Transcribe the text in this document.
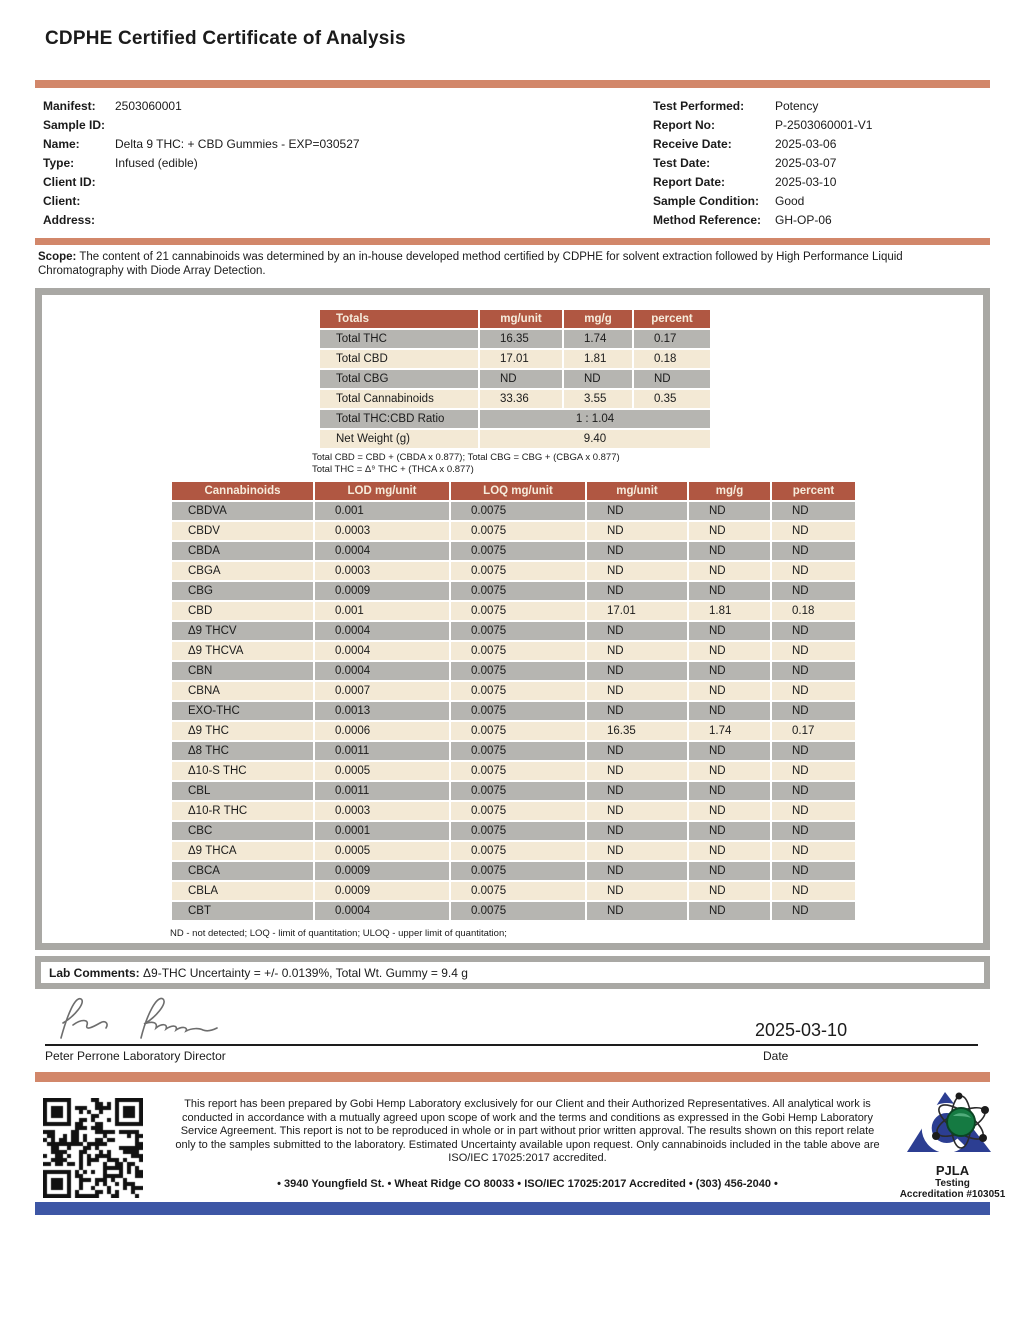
CDPHE Certified Certificate of Analysis
Manifest:	2503060001
Sample ID:
Name:	Delta 9 THC: + CBD Gummies - EXP=030527
Type:	Infused (edible)
Client ID:
Client:
Address:
Test Performed:	Potency
Report No:	P-2503060001-V1
Receive Date:	2025-03-06
Test Date:	2025-03-07
Report Date:	2025-03-10
Sample Condition:	Good
Method Reference:	GH-OP-06
Scope: The content of 21 cannabinoids was determined by an in-house developed method certified by CDPHE for solvent extraction followed by High Performance Liquid Chromatography with Diode Array Detection.
Totals	mg/unit	mg/g	percent
Total THC	16.35	1.74	0.17
Total CBD	17.01	1.81	0.18
Total CBG	ND	ND	ND
Total Cannabinoids	33.36	3.55	0.35
Total THC:CBD Ratio	1 : 1.04		
Net Weight (g)	9.40		
Total CBD = CBD + (CBDA x 0.877); Total CBG = CBG + (CBGA x 0.877)
Total THC = Δ⁹ THC + (THCA x 0.877)
Cannabinoids	LOD mg/unit	LOQ mg/unit	mg/unit	mg/g	percent
CBDVA	0.001	0.0075	ND	ND	ND
CBDV	0.0003	0.0075	ND	ND	ND
CBDA	0.0004	0.0075	ND	ND	ND
CBGA	0.0003	0.0075	ND	ND	ND
CBG	0.0009	0.0075	ND	ND	ND
CBD	0.001	0.0075	17.01	1.81	0.18
Δ9 THCV	0.0004	0.0075	ND	ND	ND
Δ9 THCVA	0.0004	0.0075	ND	ND	ND
CBN	0.0004	0.0075	ND	ND	ND
CBNA	0.0007	0.0075	ND	ND	ND
EXO-THC	0.0013	0.0075	ND	ND	ND
Δ9 THC	0.0006	0.0075	16.35	1.74	0.17
Δ8 THC	0.0011	0.0075	ND	ND	ND
Δ10-S THC	0.0005	0.0075	ND	ND	ND
CBL	0.0011	0.0075	ND	ND	ND
Δ10-R THC	0.0003	0.0075	ND	ND	ND
CBC	0.0001	0.0075	ND	ND	ND
Δ9 THCA	0.0005	0.0075	ND	ND	ND
CBCA	0.0009	0.0075	ND	ND	ND
CBLA	0.0009	0.0075	ND	ND	ND
CBT	0.0004	0.0075	ND	ND	ND
ND - not detected; LOQ - limit of quantitation; ULOQ - upper limit of quantitation;
Lab Comments: Δ9-THC Uncertainty = +/- 0.0139%, Total Wt. Gummy = 9.4 g
Peter Perrone Laboratory Director
2025-03-10
Date
This report has been prepared by Gobi Hemp Laboratory exclusively for our Client and their Authorized Representatives. All analytical work is conducted in accordance with a mutually agreed upon scope of work and the terms and conditions as expressed in the Gobi Hemp Laboratory Service Agreement. This report is not to be reproduced in whole or in part without prior written approval. The results shown on this report relate only to the samples submitted to the laboratory. Estimated Uncertainty available upon request. Only cannabinoids included in the table above are ISO/IEC 17025:2017 accredited.
• 3940 Youngfield St. • Wheat Ridge CO 80033 • ISO/IEC 17025:2017 Accredited • (303) 456-2040 •
PJLA
Testing
Accreditation #103051
